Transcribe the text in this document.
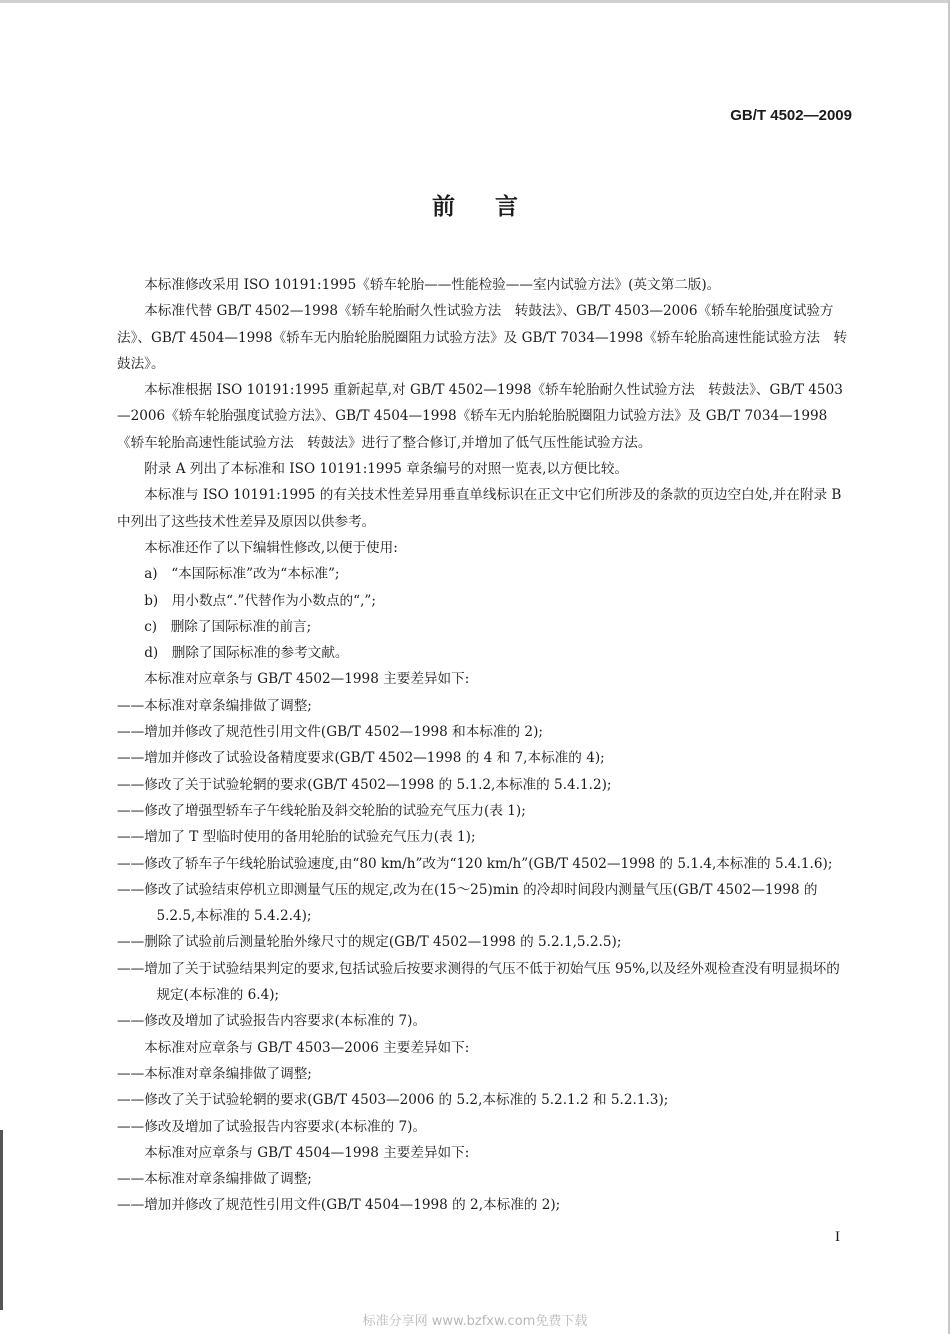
GB/T 4502—2009
前言

本标准修改采用 ISO 10191:1995《轿车轮胎——性能检验——室内试验方法》(英文第二版)。

本标准代替 GB/T 4502—1998《轿车轮胎耐久性试验方法　转鼓法》、GB/T 4503—2006《轿车轮胎强度试验方法》、GB/T 4504—1998《轿车无内胎轮胎脱圈阻力试验方法》及 GB/T 7034—1998《轿车轮胎高速性能试验方法　转鼓法》。

本标准根据 ISO 10191:1995 重新起草,对 GB/T 4502—1998《轿车轮胎耐久性试验方法　转鼓法》、GB/T 4503—2006《轿车轮胎强度试验方法》、GB/T 4504—1998《轿车无内胎轮胎脱圈阻力试验方法》及 GB/T 7034—1998《轿车轮胎高速性能试验方法　转鼓法》进行了整合修订,并增加了低气压性能试验方法。

附录 A 列出了本标准和 ISO 10191:1995 章条编号的对照一览表,以方便比较。

本标准与 ISO 10191:1995 的有关技术性差异用垂直单线标识在正文中它们所涉及的条款的页边空白处,并在附录 B 中列出了这些技术性差异及原因以供参考。

本标准还作了以下编辑性修改,以便于使用:

a)　“本国际标准”改为“本标准”;

b)　用小数点“.”代替作为小数点的“,”;

c)　删除了国际标准的前言;

d)　删除了国际标准的参考文献。

本标准对应章条与 GB/T 4502—1998 主要差异如下:

——本标准对章条编排做了调整;

——增加并修改了规范性引用文件(GB/T 4502—1998 和本标准的 2);

——增加并修改了试验设备精度要求(GB/T 4502—1998 的 4 和 7,本标准的 4);

——修改了关于试验轮辋的要求(GB/T 4502—1998 的 5.1.2,本标准的 5.4.1.2);

——修改了增强型轿车子午线轮胎及斜交轮胎的试验充气压力(表 1);

——增加了 T 型临时使用的备用轮胎的试验充气压力(表 1);

——修改了轿车子午线轮胎试验速度,由“80 km/h”改为“120 km/h”(GB/T 4502—1998 的 5.1.4,本标准的 5.4.1.6);

——修改了试验结束停机立即测量气压的规定,改为在(15～25)min 的冷却时间段内测量气压(GB/T 4502—1998 的 5.2.5,本标准的 5.4.2.4);

——删除了试验前后测量轮胎外缘尺寸的规定(GB/T 4502—1998 的 5.2.1,5.2.5);

——增加了关于试验结果判定的要求,包括试验后按要求测得的气压不低于初始气压 95%,以及经外观检查没有明显损坏的规定(本标准的 6.4);

——修改及增加了试验报告内容要求(本标准的 7)。

本标准对应章条与 GB/T 4503—2006 主要差异如下:

——本标准对章条编排做了调整;

——修改了关于试验轮辋的要求(GB/T 4503—2006 的 5.2,本标准的 5.2.1.2 和 5.2.1.3);

——修改及增加了试验报告内容要求(本标准的 7)。

本标准对应章条与 GB/T 4504—1998 主要差异如下:

——本标准对章条编排做了调整;

——增加并修改了规范性引用文件(GB/T 4504—1998 的 2,本标准的 2);

I
标准分享网 www.bzfxw.com免费下载
